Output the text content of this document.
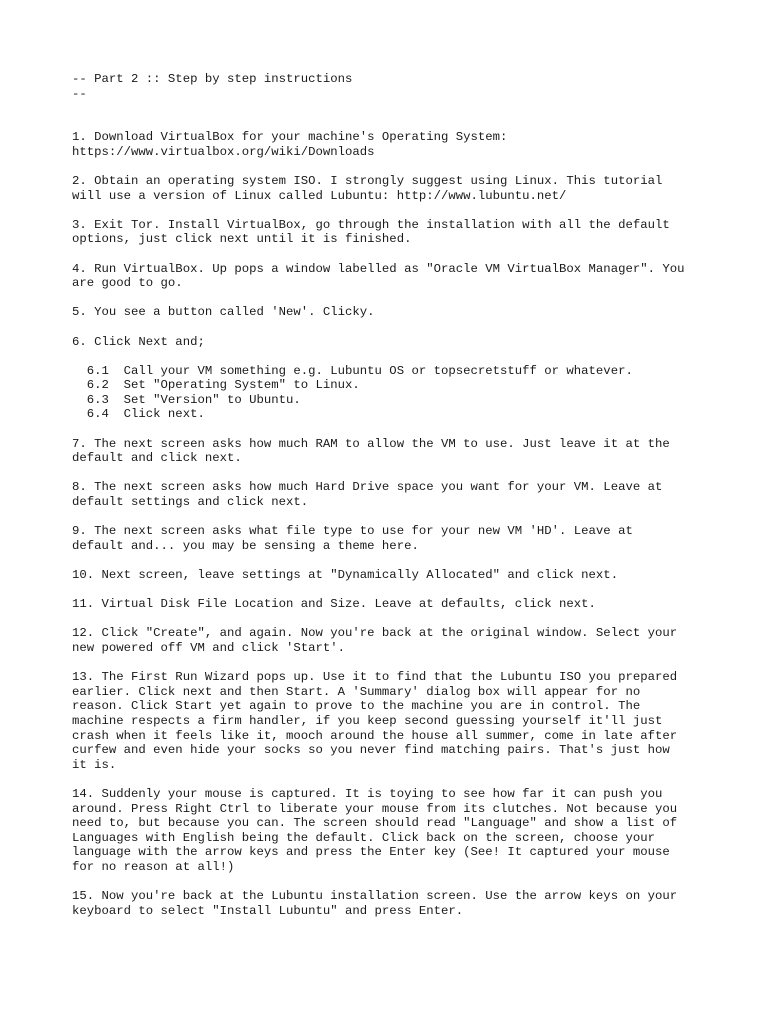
-- Part 2 :: Step by step instructions
--
1. Download VirtualBox for your machine's Operating System:
https://www.virtualbox.org/wiki/Downloads
2. Obtain an operating system ISO. I strongly suggest using Linux. This tutorial
will use a version of Linux called Lubuntu: http://www.lubuntu.net/
3. Exit Tor. Install VirtualBox, go through the installation with all the default
options, just click next until it is finished.
4. Run VirtualBox. Up pops a window labelled as "Oracle VM VirtualBox Manager". You
are good to go.
5. You see a button called 'New'. Clicky.
6. Click Next and;
6.1  Call your VM something e.g. Lubuntu OS or topsecretstuff or whatever.
6.2  Set "Operating System" to Linux.
6.3  Set "Version" to Ubuntu.
6.4  Click next.
7. The next screen asks how much RAM to allow the VM to use. Just leave it at the
default and click next.
8. The next screen asks how much Hard Drive space you want for your VM. Leave at
default settings and click next.
9. The next screen asks what file type to use for your new VM 'HD'. Leave at
default and... you may be sensing a theme here.
10. Next screen, leave settings at "Dynamically Allocated" and click next.
11. Virtual Disk File Location and Size. Leave at defaults, click next.
12. Click "Create", and again. Now you're back at the original window. Select your
new powered off VM and click 'Start'.
13. The First Run Wizard pops up. Use it to find that the Lubuntu ISO you prepared
earlier. Click next and then Start. A 'Summary' dialog box will appear for no
reason. Click Start yet again to prove to the machine you are in control. The
machine respects a firm handler, if you keep second guessing yourself it'll just
crash when it feels like it, mooch around the house all summer, come in late after
curfew and even hide your socks so you never find matching pairs. That's just how
it is.
14. Suddenly your mouse is captured. It is toying to see how far it can push you
around. Press Right Ctrl to liberate your mouse from its clutches. Not because you
need to, but because you can. The screen should read "Language" and show a list of
Languages with English being the default. Click back on the screen, choose your
language with the arrow keys and press the Enter key (See! It captured your mouse
for no reason at all!)
15. Now you're back at the Lubuntu installation screen. Use the arrow keys on your
keyboard to select "Install Lubuntu" and press Enter.
